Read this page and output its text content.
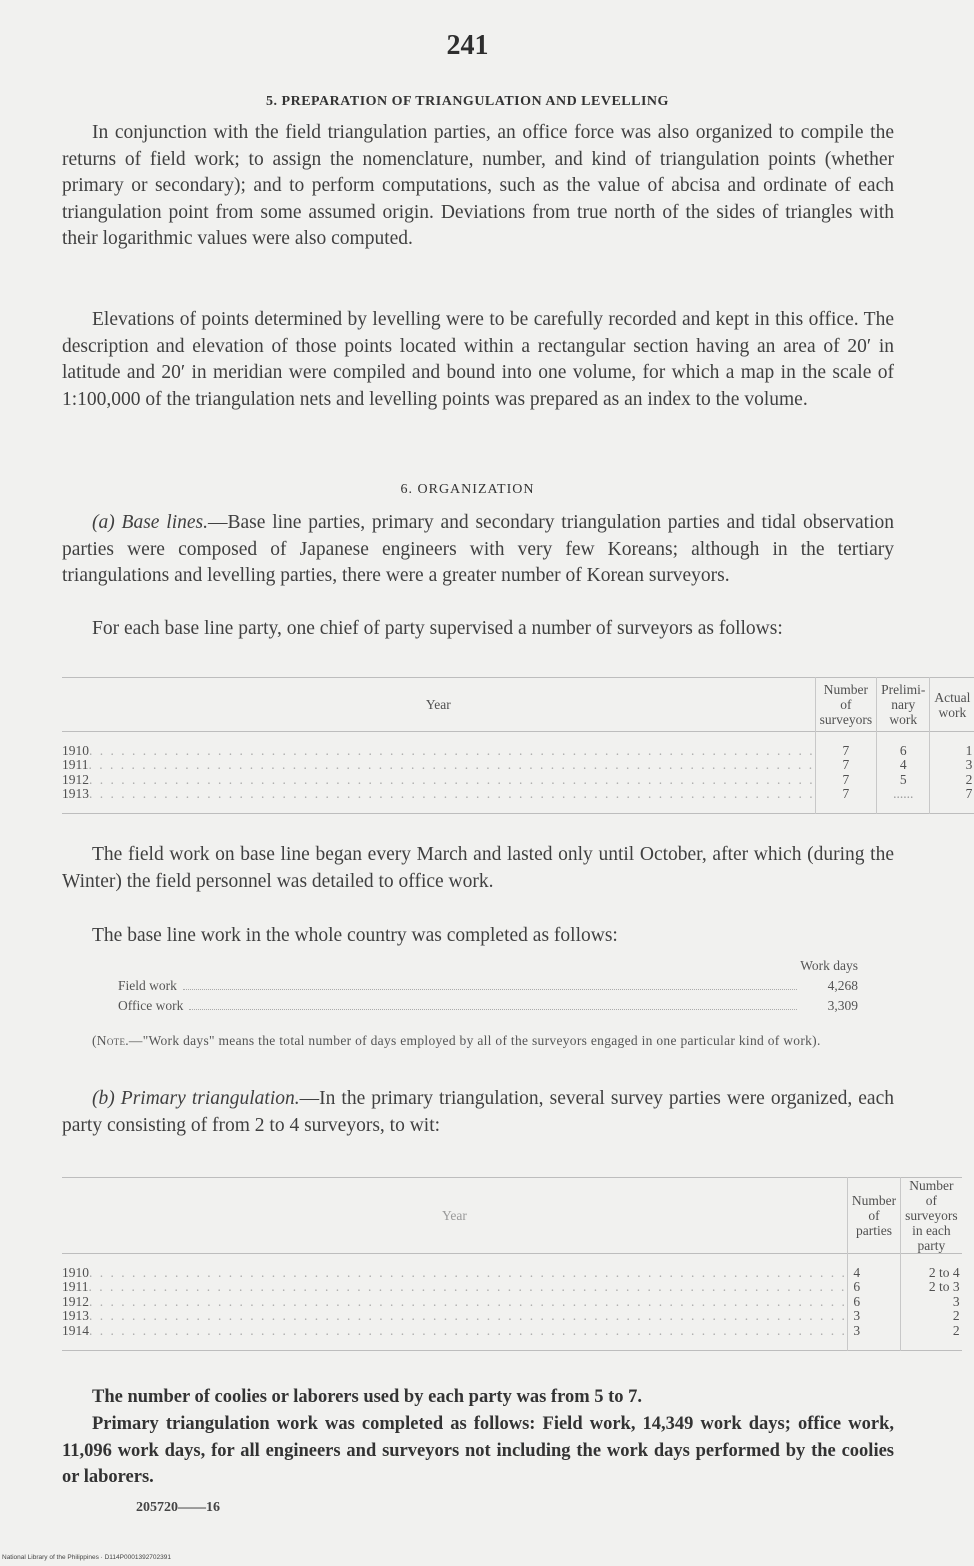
241
5. PREPARATION OF TRIANGULATION AND LEVELLING

In conjunction with the field triangulation parties, an office force was also organized to compile the returns of field work; to assign the nomenclature, number, and kind of triangulation points (whether primary or secondary); and to perform computations, such as the value of abcisa and ordinate of each triangulation point from some assumed origin. Deviations from true north of the sides of triangles with their logarithmic values were also computed.

Elevations of points determined by levelling were to be carefully recorded and kept in this office. The description and elevation of those points located within a rectangular section having an area of 20′ in latitude and 20′ in meridian were compiled and bound into one volume, for which a map in the scale of 1:100,000 of the triangulation nets and levelling points was prepared as an index to the volume.

6. ORGANIZATION

(a) Base lines.—Base line parties, primary and secondary triangulation parties and tidal observation parties were composed of Japanese engineers with very few Koreans; although in the tertiary triangulations and levelling parties, there were a greater number of Korean surveyors.

For each base line party, one chief of party supervised a number of surveyors as follows:

Year	Number of surveyors	Prelimi-nary work	Actual work

1910. . . . . . . . . . . . . . . . . . . . . . . . . . . . . . . . . . . . . . . . . . . . . . . . . . . . . . . . . . . . . . . . . . . .	7	6	1
1911. . . . . . . . . . . . . . . . . . . . . . . . . . . . . . . . . . . . . . . . . . . . . . . . . . . . . . . . . . . . . . . . . . . .	7	4	3
1912. . . . . . . . . . . . . . . . . . . . . . . . . . . . . . . . . . . . . . . . . . . . . . . . . . . . . . . . . . . . . . . . . . . .	7	5	2
1913. . . . . . . . . . . . . . . . . . . . . . . . . . . . . . . . . . . . . . . . . . . . . . . . . . . . . . . . . . . . . . . . . . . .	7	......	7

The field work on base line began every March and lasted only until October, after which (during the Winter) the field personnel was detailed to office work.

The base line work in the whole country was completed as follows:

Work days
Field work	4,268
Office work	3,309

(Note.—"Work days" means the total number of days employed by all of the surveyors engaged in one particular kind of work).

(b) Primary triangulation.—In the primary triangulation, several survey parties were organized, each party consisting of from 2 to 4 surveyors, to wit:

Year	Number of parties	Number of surveyors in each party

1910. . . . . . . . . . . . . . . . . . . . . . . . . . . . . . . . . . . . . . . . . . . . . . . . . . . . . . . . . . . . . . . . . . . . . . .	4	2 to 4
1911. . . . . . . . . . . . . . . . . . . . . . . . . . . . . . . . . . . . . . . . . . . . . . . . . . . . . . . . . . . . . . . . . . . . . . .	6	2 to 3
1912. . . . . . . . . . . . . . . . . . . . . . . . . . . . . . . . . . . . . . . . . . . . . . . . . . . . . . . . . . . . . . . . . . . . . . .	6	3
1913. . . . . . . . . . . . . . . . . . . . . . . . . . . . . . . . . . . . . . . . . . . . . . . . . . . . . . . . . . . . . . . . . . . . . . .	3	2
1914. . . . . . . . . . . . . . . . . . . . . . . . . . . . . . . . . . . . . . . . . . . . . . . . . . . . . . . . . . . . . . . . . . . . . . .	3	2

The number of coolies or laborers used by each party was from 5 to 7.

Primary triangulation work was completed as follows: Field work, 14,349 work days; office work, 11,096 work days, for all engineers and surveyors not including the work days performed by the coolies or laborers.

205720——16
National Library of the Philippines · D114P0001392702391
